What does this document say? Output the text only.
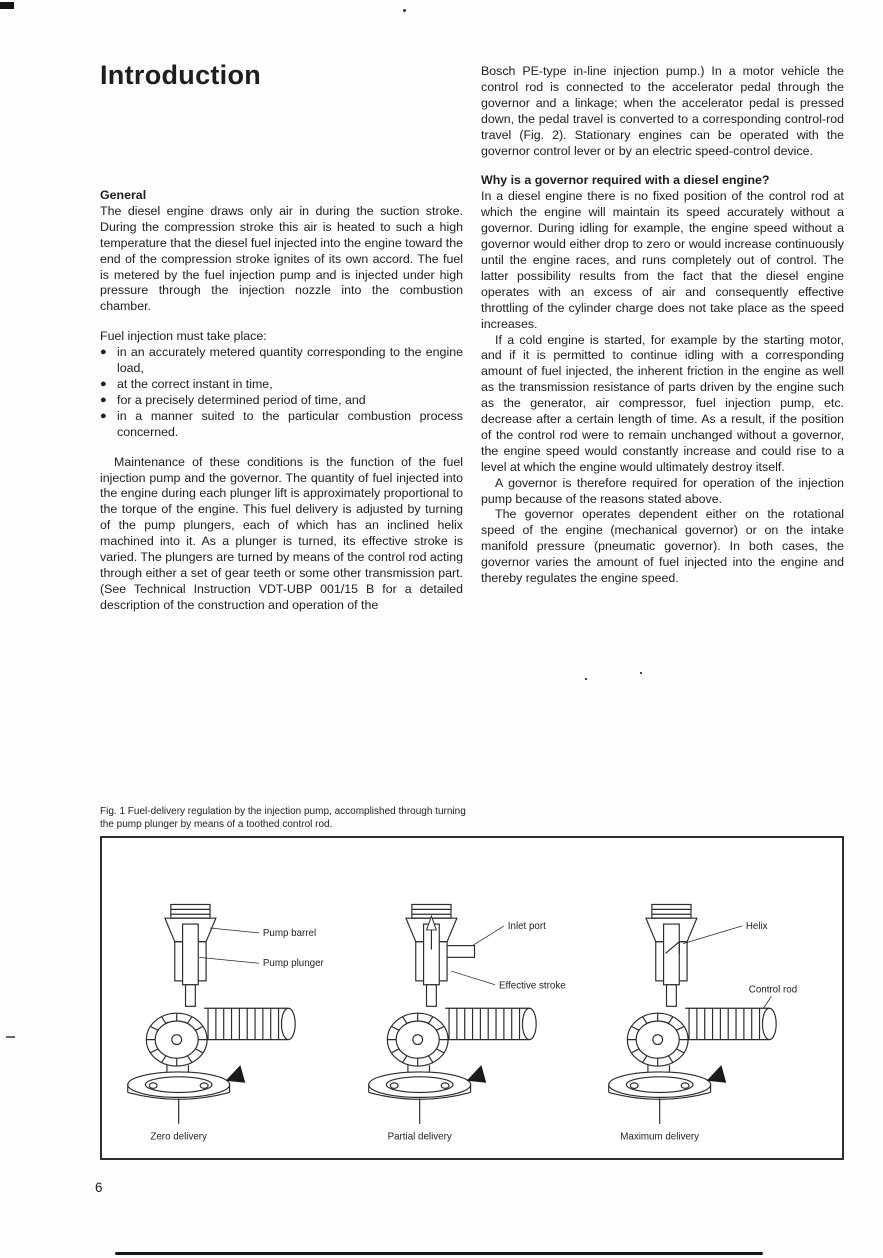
Introduction
General

The diesel engine draws only air in during the suction stroke. During the compression stroke this air is heated to such a high temperature that the diesel fuel injected into the engine toward the end of the compression stroke ignites of its own accord. The fuel is metered by the fuel injection pump and is injected under high pressure through the injection nozzle into the combustion chamber.

Fuel injection must take place:

● in an accurately metered quantity corresponding to the engine load,
● at the correct instant in time,
● for a precisely determined period of time, and
● in a manner suited to the particular combustion process concerned.

Maintenance of these conditions is the function of the fuel injection pump and the governor. The quantity of fuel injected into the engine during each plunger lift is approximately proportional to the torque of the engine. This fuel delivery is adjusted by turning of the pump plungers, each of which has an inclined helix machined into it. As a plunger is turned, its effective stroke is varied. The plungers are turned by means of the control rod acting through either a set of gear teeth or some other transmission part. (See Technical Instruction VDT-UBP 001/15 B for a detailed description of the construction and operation of the

Bosch PE-type in-line injection pump.) In a motor vehicle the control rod is connected to the accelerator pedal through the governor and a linkage; when the accelerator pedal is pressed down, the pedal travel is converted to a corresponding control-rod travel (Fig. 2). Stationary engines can be operated with the governor control lever or by an electric speed-control device.

Why is a governor required with a diesel engine?

In a diesel engine there is no fixed position of the control rod at which the engine will maintain its speed accurately without a governor. During idling for example, the engine speed without a governor would either drop to zero or would increase continuously until the engine races, and runs completely out of control. The latter possibility results from the fact that the diesel engine operates with an excess of air and consequently effective throttling of the cylinder charge does not take place as the speed increases.

If a cold engine is started, for example by the starting motor, and if it is permitted to continue idling with a corresponding amount of fuel injected, the inherent friction in the engine as well as the transmission resistance of parts driven by the engine such as the generator, air compressor, fuel injection pump, etc. decrease after a certain length of time. As a result, if the position of the control rod were to remain unchanged without a governor, the engine speed would constantly increase and could rise to a level at which the engine would ultimately destroy itself.

A governor is therefore required for operation of the injection pump because of the reasons stated above.

The governor operates dependent either on the rotational speed of the engine (mechanical governor) or on the intake manifold pressure (pneumatic governor). In both cases, the governor varies the amount of fuel injected into the engine and thereby regulates the engine speed.

Fig. 1 Fuel-delivery regulation by the injection pump, accomplished through turning the pump plunger by means of a toothed control rod.
Pump barrel
Pump plunger
Zero delivery
Inlet port
Effective stroke
Partial delivery
Helix
Control rod
Maximum delivery
6
